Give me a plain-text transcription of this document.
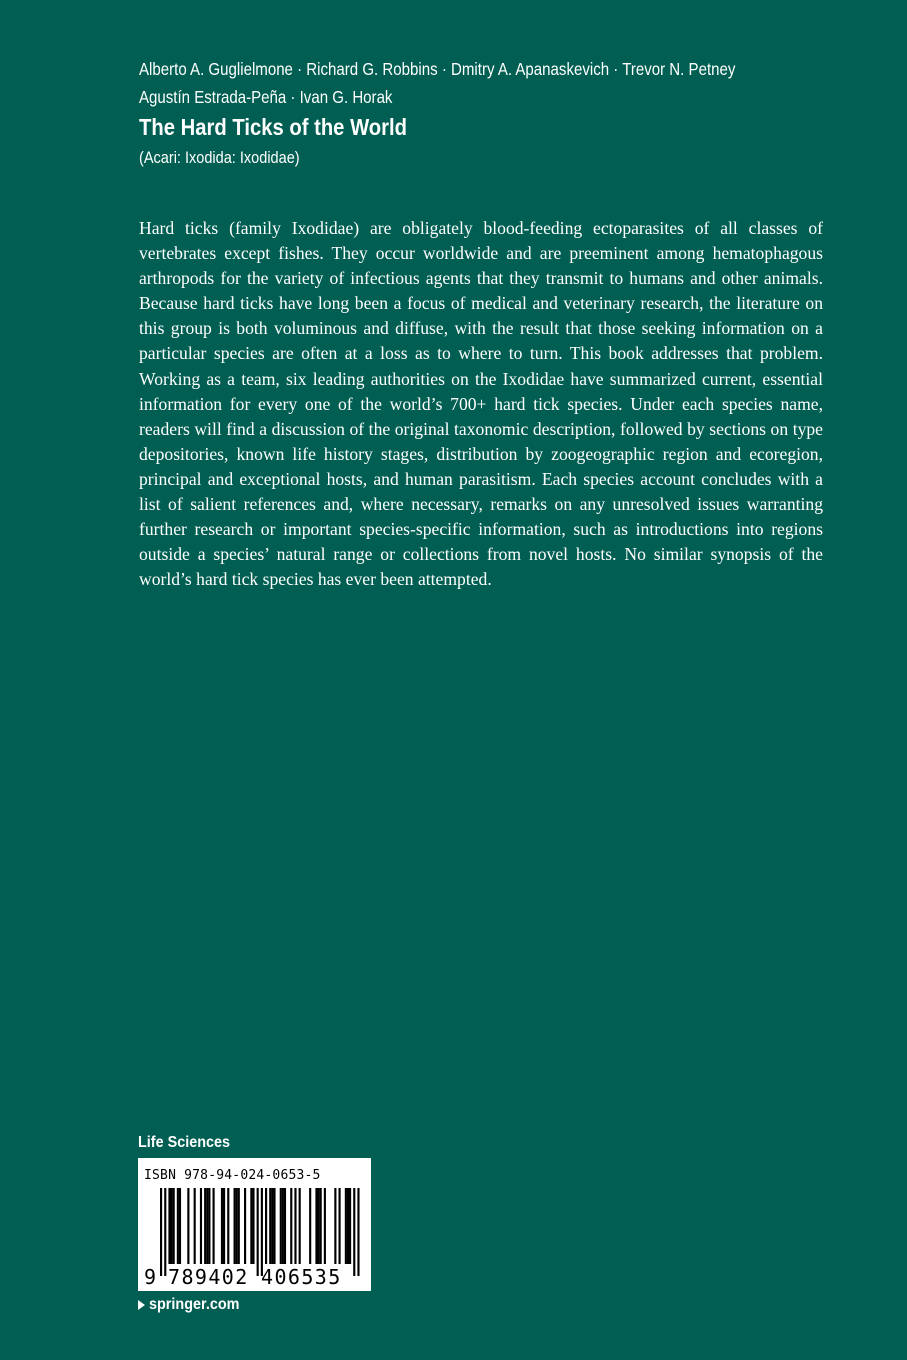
Alberto A. Guglielmone · Richard G. Robbins · Dmitry A. Apanaskevich · Trevor N. Petney
Agustín Estrada-Peña · Ivan G. Horak
The Hard Ticks of the World
(Acari: Ixodida: Ixodidae)

Hard ticks (family Ixodidae) are obligately blood-feeding ectoparasites of all classes of vertebrates except fishes. They occur worldwide and are preeminent among hematophagous arthropods for the variety of infectious agents that they transmit to humans and other animals. Because hard ticks have long been a focus of medical and veterinary research, the literature on this group is both voluminous and diffuse, with the result that those seeking information on a particular species are often at a loss as to where to turn. This book addresses that problem. Working as a team, six leading authorities on the Ixodidae have summarized current, essential information for every one of the world’s 700+ hard tick species. Under each species name, readers will find a discussion of the original taxonomic description, followed by sections on type depositories, known life history stages, distribution by zoogeographic region and ecoregion, principal and exceptional hosts, and human parasitism. Each species account concludes with a list of salient references and, where necessary, remarks on any unresolved issues warranting further research or important species-specific information, such as introductions into regions outside a species’ natural range or collections from novel hosts. No similar synopsis of the world’s hard tick species has ever been attempted.

Life Sciences
ISBN 978-94-024-0653-5
9 789402 406535
springer.com
